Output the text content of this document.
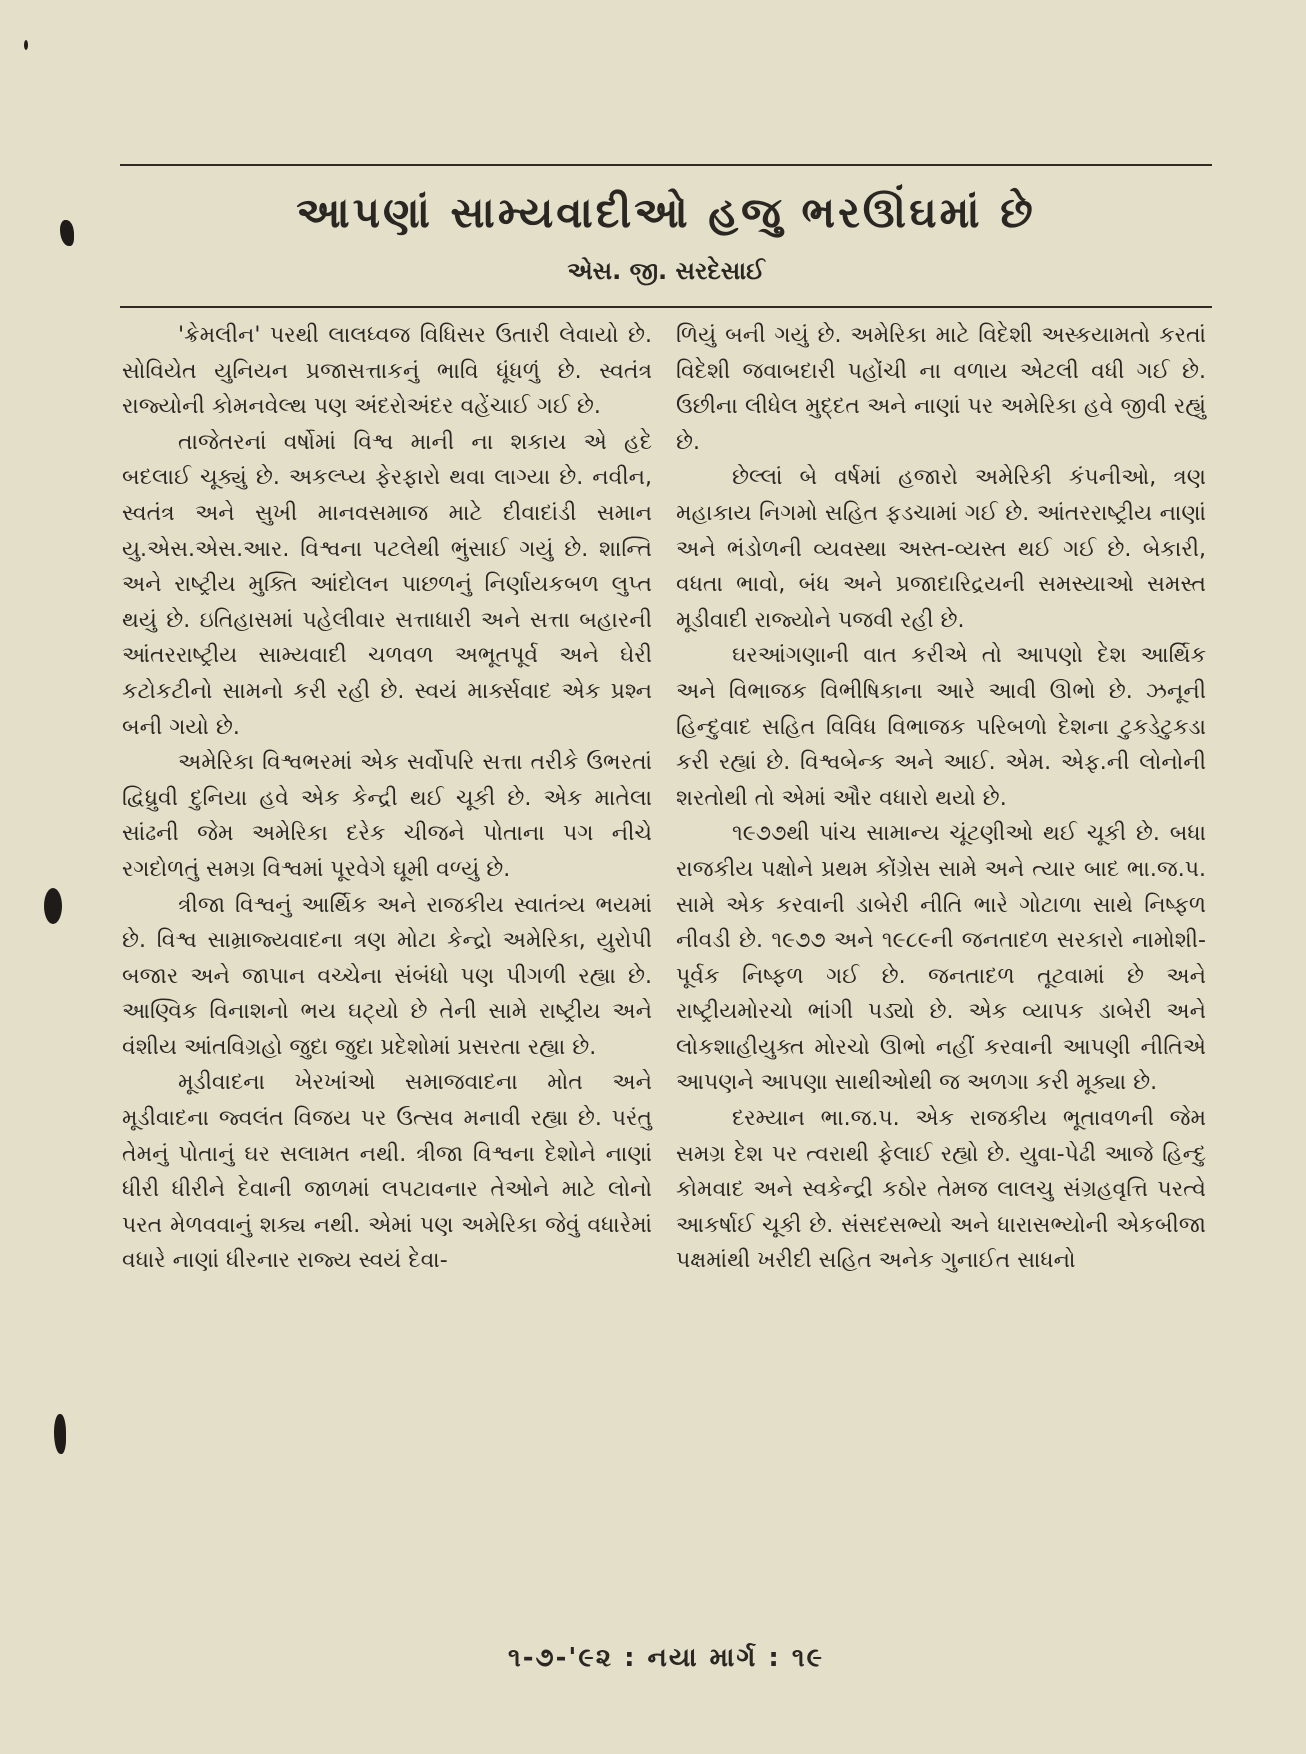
આપણાં સામ્યવાદીઓ હજુ ભરઊંઘમાં છે
એસ. જી. સરદેસાઈ

'ક્રેમલીન' પરથી લાલધ્વજ વિધિસર ઉતારી લેવાયો છે. સોવિયેત યુનિયન પ્રજાસત્તાકનું ભાવિ ધૂંધળું છે. સ્વતંત્ર રાજ્યોની કોમનવેલ્થ પણ અંદરોઅંદર વહેંચાઈ ગઈ છે.

તાજેતરનાં વર્ષોમાં વિશ્વ માની ના શકાય એ હદે બદલાઈ ચૂક્યું છે. અકલ્પ્ય ફેરફારો થવા લાગ્યા છે. નવીન, સ્વતંત્ર અને સુખી માનવસમાજ માટે દીવાદાંડી સમાન યુ.એસ.એસ.આર. વિશ્વના પટલેથી ભુંસાઈ ગયું છે. શાન્તિ અને રાષ્ટ્રીય મુક્તિ આંદોલન પાછળનું નિર્ણાયકબળ લુપ્ત થયું છે. ઇતિહાસમાં પહેલીવાર સત્તાધારી અને સત્તા બહારની આંતરરાષ્ટ્રીય સામ્યવાદી ચળવળ અભૂતપૂર્વ અને ઘેરી કટોકટીનો સામનો કરી રહી છે. સ્વયં માર્ક્સવાદ એક પ્રશ્ન બની ગયો છે.

અમેરિકા વિશ્વભરમાં એક સર્વોપરિ સત્તા તરીકે ઉભરતાં દ્વિધ્રુવી દુનિયા હવે એક કેન્દ્રી થઈ ચૂકી છે. એક માતેલા સાંઢની જેમ અમેરિકા દરેક ચીજને પોતાના પગ નીચે રગદોળતું સમગ્ર વિશ્વમાં પૂરવેગે ઘૂમી વળ્યું છે.

ત્રીજા વિશ્વનું આર્થિક અને રાજકીય સ્વાતંત્ર્ય ભયમાં છે. વિશ્વ સામ્રાજ્યવાદના ત્રણ મોટા કેન્દ્રો અમેરિકા, યુરોપી બજાર અને જાપાન વચ્ચેના સંબંધો પણ પીગળી રહ્યા છે. આણ્વિક વિનાશનો ભય ઘટ્યો છે તેની સામે રાષ્ટ્રીય અને વંશીય આંતવિગ્રહો જુદા જુદા પ્રદેશોમાં પ્રસરતા રહ્યા છે.

મૂડીવાદના ખેરખાંઓ સમાજવાદના મોત અને મૂડીવાદના જ્વલંત વિજય પર ઉત્સવ મનાવી રહ્યા છે. પરંતુ તેમનું પોતાનું ઘર સલામત નથી. ત્રીજા વિશ્વના દેશોને નાણાં ધીરી ધીરીને દેવાની જાળમાં લપટાવનાર તેઓને માટે લોનો પરત મેળવવાનું શક્ય નથી. એમાં પણ અમેરિકા જેવું વધારેમાં વધારે નાણાં ધીરનાર રાજ્ય સ્વયં દેવા-

ળિયું બની ગયું છે. અમેરિકા માટે વિદેશી અસ્કયામતો કરતાં વિદેશી જવાબદારી પહોંચી ના વળાય એટલી વધી ગઈ છે. ઉછીના લીધેલ મુદ્દત અને નાણાં પર અમેરિકા હવે જીવી રહ્યું છે.

છેલ્લાં બે વર્ષમાં હજારો અમેરિકી કંપનીઓ, ત્રણ મહાકાય નિગમો સહિત ફડચામાં ગઈ છે. આંતરરાષ્ટ્રીય નાણાં અને ભંડોળની વ્યવસ્થા અસ્ત-વ્યસ્ત થઈ ગઈ છે. બેકારી, વધતા ભાવો, બંધ અને પ્રજાદારિદ્રયની સમસ્યાઓ સમસ્ત મૂડીવાદી રાજ્યોને પજવી રહી છે.

ઘરઆંગણાની વાત કરીએ તો આપણો દેશ આર્થિક અને વિભાજક વિભીષિકાના આરે આવી ઊભો છે. ઝનૂની હિન્દુવાદ સહિત વિવિધ વિભાજક પરિબળો દેશના ટુકડેટુકડા કરી રહ્યાં છે. વિશ્વબેન્ક અને આઈ. એમ. એફ.ની લોનોની શરતોથી તો એમાં ઔર વધારો થયો છે.

૧૯૭૭થી પાંચ સામાન્ય ચૂંટણીઓ થઈ ચૂકી છે. બધા રાજકીય પક્ષોને પ્રથમ કોંગ્રેસ સામે અને ત્યાર બાદ ભા.જ.પ. સામે એક કરવાની ડાબેરી નીતિ ભારે ગોટાળા સાથે નિષ્ફળ નીવડી છે. ૧૯૭૭ અને ૧૯૮૯ની જનતાદળ સરકારો નામોશી-પૂર્વક નિષ્ફળ ગઈ છે. જનતાદળ તૂટવામાં છે અને રાષ્ટ્રીયમોરચો ભાંગી પડ્યો છે. એક વ્યાપક ડાબેરી અને લોકશાહીયુક્ત મોરચો ઊભો નહીં કરવાની આપણી નીતિએ આપણને આપણા સાથીઓથી જ અળગા કરી મૂક્યા છે.

દરમ્યાન ભા.જ.પ. એક રાજકીય ભૂતાવળની જેમ સમગ્ર દેશ પર ત્વરાથી ફેલાઈ રહ્યો છે. યુવા-પેઢી આજે હિન્દુ કોમવાદ અને સ્વકેન્દ્રી કઠોર તેમજ લાલચુ સંગ્રહવૃત્તિ પરત્વે આકર્ષાઈ ચૂકી છે. સંસદસભ્યો અને ધારાસભ્યોની એકબીજા પક્ષમાંથી ખરીદી સહિત અનેક ગુનાઈત સાધનો

૧-૭-'૯૨ : નયા માર્ગ : ૧૯
